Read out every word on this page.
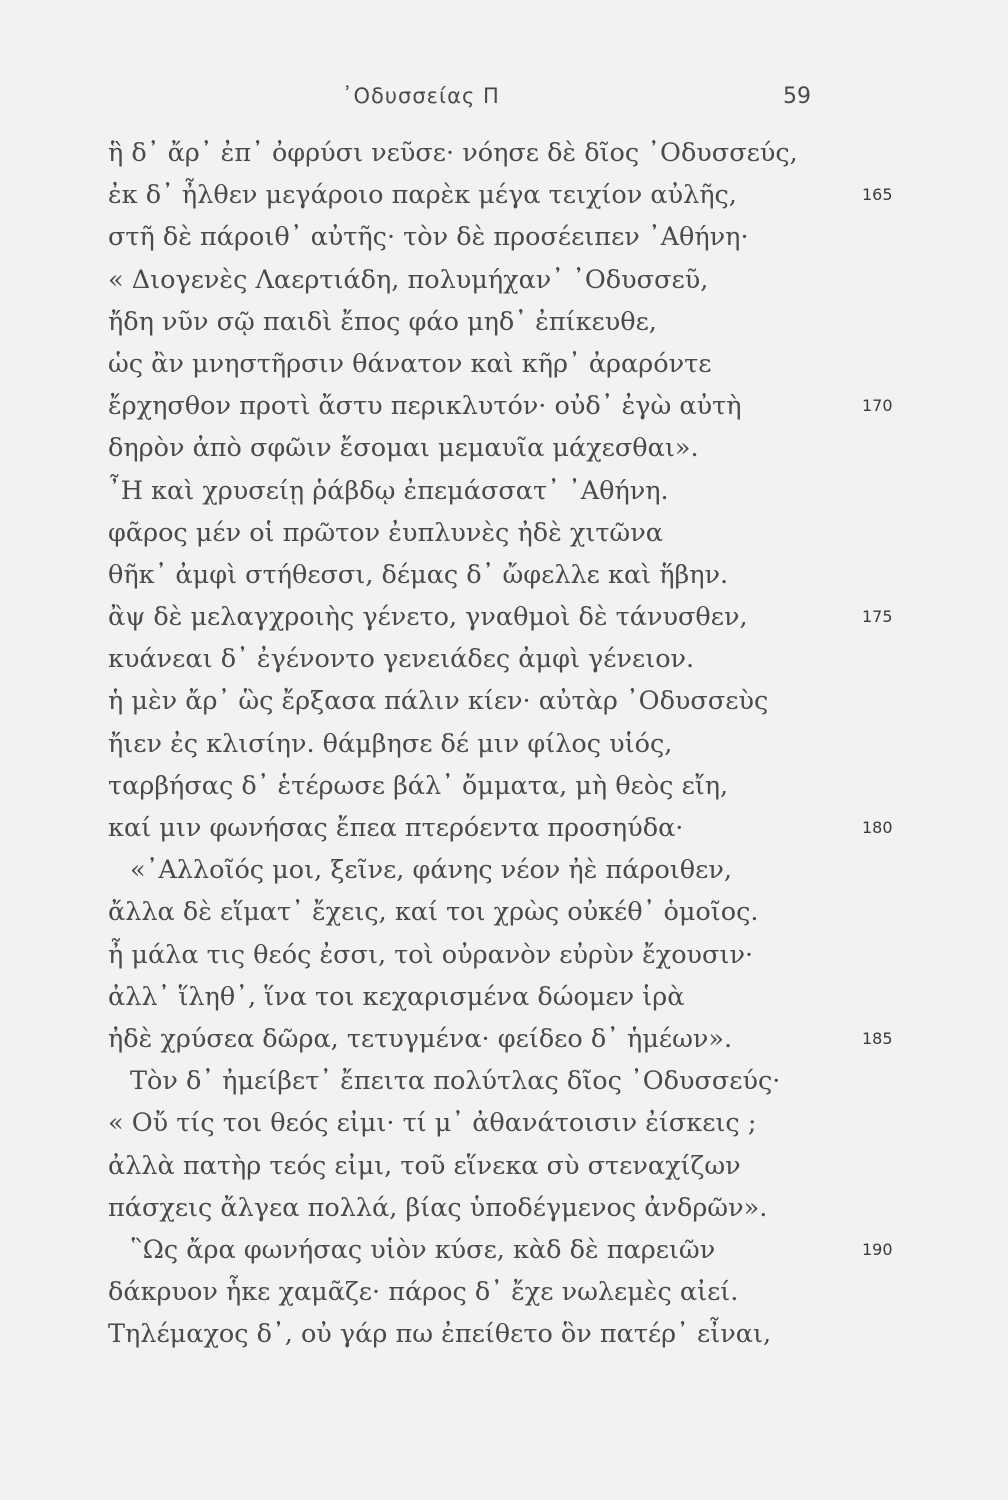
᾿Οδυσσείας Π	59
ἣ δ᾿ ἄρ᾿ ἐπ᾿ ὀφρύσι νεῦσε· νόησε δὲ δῖος ᾿Οδυσσεύς,
ἐκ δ᾿ ἦλθεν μεγάροιο παρὲκ μέγα τειχίον αὐλῆς,	165
στῆ δὲ πάροιθ᾿ αὐτῆς· τὸν δὲ προσέειπεν ᾿Αθήνη·
« Διογενὲς Λαερτιάδη, πολυμήχαν᾿ ᾿Οδυσσεῦ,
ἤδη νῦν σῷ παιδὶ ἔπος φάο μηδ᾿ ἐπίκευθε,
ὡς ἂν μνηστῆρσιν θάνατον καὶ κῆρ᾿ ἀραρόντε
ἔρχησθον προτὶ ἄστυ περικλυτόν· οὐδ᾿ ἐγὼ αὐτὴ	170
δηρὸν ἀπὸ σφῶιν ἔσομαι μεμαυῖα μάχεσθαι».
῏Η καὶ χρυσείῃ ῥάβδῳ ἐπεμάσσατ᾿ ᾿Αθήνη.
φᾶρος μέν οἱ πρῶτον ἐυπλυνὲς ἠδὲ χιτῶνα
θῆκ᾿ ἀμφὶ στήθεσσι, δέμας δ᾿ ὤφελλε καὶ ἥβην.
ἂψ δὲ μελαγχροιὴς γένετο, γναθμοὶ δὲ τάνυσθεν,	175
κυάνεαι δ᾿ ἐγένοντο γενειάδες ἀμφὶ γένειον.
ἡ μὲν ἄρ᾿ ὣς ἔρξασα πάλιν κίεν· αὐτὰρ ᾿Οδυσσεὺς
ἤιεν ἐς κλισίην. θάμβησε δέ μιν φίλος υἱός,
ταρβήσας δ᾿ ἑτέρωσε βάλ᾿ ὄμματα, μὴ θεὸς εἴη,
καί μιν φωνήσας ἔπεα πτερόεντα προσηύδα·	180
«᾿Αλλοῖός μοι, ξεῖνε, φάνης νέον ἠὲ πάροιθεν,
ἄλλα δὲ εἵματ᾿ ἔχεις, καί τοι χρὼς οὐκέθ᾿ ὁμοῖος.
ἦ μάλα τις θεός ἐσσι, τοὶ οὐρανὸν εὐρὺν ἔχουσιν·
ἀλλ᾿ ἵληθ᾿, ἵνα τοι κεχαρισμένα δώομεν ἱρὰ
ἠδὲ χρύσεα δῶρα, τετυγμένα· φείδεο δ᾿ ἡμέων».	185
Τὸν δ᾿ ἠμείβετ᾿ ἔπειτα πολύτλας δῖος ᾿Οδυσσεύς·
« Οὔ τίς τοι θεός εἰμι· τί μ᾿ ἀθανάτοισιν ἐίσκεις ;
ἀλλὰ πατὴρ τεός εἰμι, τοῦ εἵνεκα σὺ στεναχίζων
πάσχεις ἄλγεα πολλά, βίας ὑποδέγμενος ἀνδρῶν».
῝Ως ἄρα φωνήσας υἱὸν κύσε, κὰδ δὲ παρειῶν	190
δάκρυον ἧκε χαμᾶζε· πάρος δ᾿ ἔχε νωλεμὲς αἰεί.
Τηλέμαχος δ᾿, οὐ γάρ πω ἐπείθετο ὃν πατέρ᾿ εἶναι,
